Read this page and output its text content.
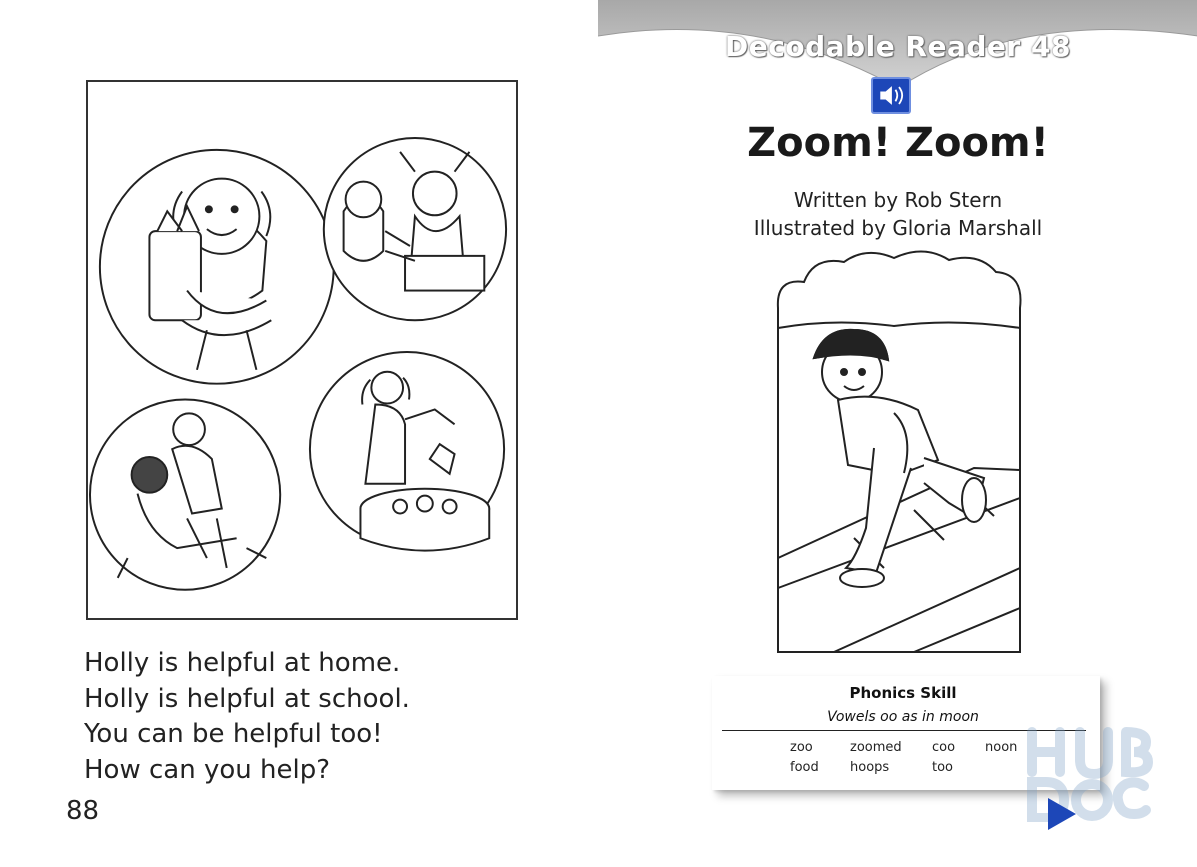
Holly is helpful at home.
Holly is helpful at school.
You can be helpful too!
How can you help?
88
Decodable Reader 48
Zoom! Zoom!
Written by Rob Stern
Illustrated by Gloria Marshall
Phonics Skill
Vowels oo as in moon
zoo	zoomed coo noon
food hoops	too
